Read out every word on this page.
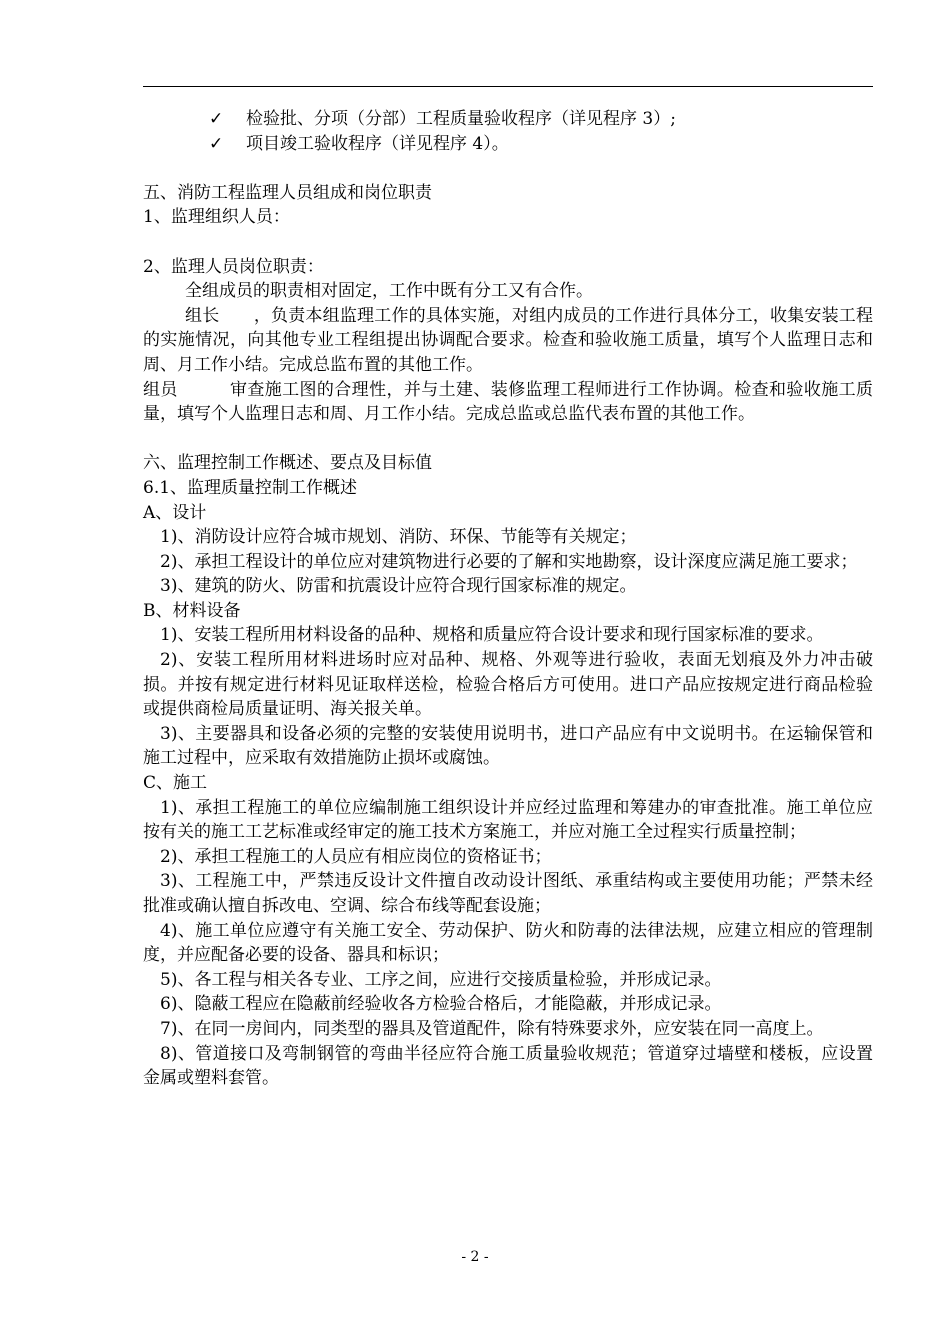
✓	检验批、分项（分部）工程质量验收程序（详见程序 3）;

✓	项目竣工验收程序（详见程序 4）。

五、消防工程监理人员组成和岗位职责

1、监理组织人员：

2、监理人员岗位职责：

全组成员的职责相对固定，工作中既有分工又有合作。

组长　　，负责本组监理工作的具体实施，对组内成员的工作进行具体分工，收集安装工程的实施情况，向其他专业工程组提出协调配合要求。检查和验收施工质量，填写个人监理日志和周、月工作小结。完成总监布置的其他工作。

组员　　　审查施工图的合理性，并与土建、装修监理工程师进行工作协调。检查和验收施工质量，填写个人监理日志和周、月工作小结。完成总监或总监代表布置的其他工作。

六、监理控制工作概述、要点及目标值

6.1、监理质量控制工作概述

A、设计

1)、消防设计应符合城市规划、消防、环保、节能等有关规定；

2)、承担工程设计的单位应对建筑物进行必要的了解和实地勘察，设计深度应满足施工要求；

3)、建筑的防火、防雷和抗震设计应符合现行国家标准的规定。

B、材料设备

1)、安装工程所用材料设备的品种、规格和质量应符合设计要求和现行国家标准的要求。

2)、安装工程所用材料进场时应对品种、规格、外观等进行验收，表面无划痕及外力冲击破损。并按有规定进行材料见证取样送检，检验合格后方可使用。进口产品应按规定进行商品检验或提供商检局质量证明、海关报关单。

3)、主要器具和设备必须的完整的安装使用说明书，进口产品应有中文说明书。在运输保管和施工过程中，应采取有效措施防止损坏或腐蚀。

C、施工

1)、承担工程施工的单位应编制施工组织设计并应经过监理和筹建办的审查批准。施工单位应按有关的施工工艺标准或经审定的施工技术方案施工，并应对施工全过程实行质量控制；

2)、承担工程施工的人员应有相应岗位的资格证书；

3)、工程施工中，严禁违反设计文件擅自改动设计图纸、承重结构或主要使用功能；严禁未经批准或确认擅自拆改电、空调、综合布线等配套设施；

4)、施工单位应遵守有关施工安全、劳动保护、防火和防毒的法律法规，应建立相应的管理制度，并应配备必要的设备、器具和标识；

5)、各工程与相关各专业、工序之间，应进行交接质量检验，并形成记录。

6)、隐蔽工程应在隐蔽前经验收各方检验合格后，才能隐蔽，并形成记录。

7)、在同一房间内，同类型的器具及管道配件，除有特殊要求外，应安装在同一高度上。

8)、管道接口及弯制钢管的弯曲半径应符合施工质量验收规范；管道穿过墙壁和楼板，应设置金属或塑料套管。

- 2 -
